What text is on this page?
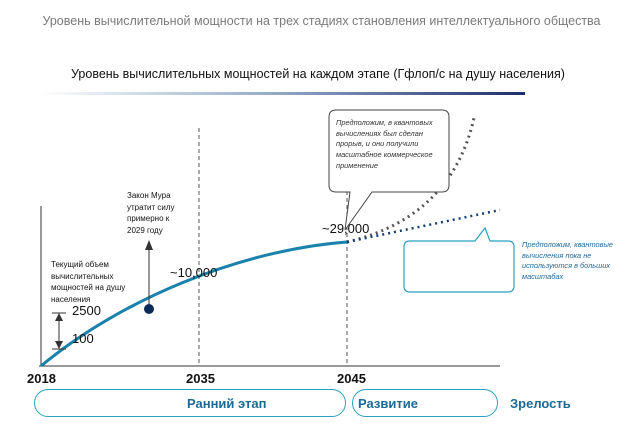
Уровень вычислительной мощности на трех стадиях становления интеллектуального общества
Уровень вычислительных мощностей на каждом этапе (Гфлоп/с на душу населения)
Текущий объем вычислительных мощностей на душу населения
Закон Мура утратит силу примерно к 2029 году
Предположим, в квантовых вычислениях был сделан прорыв, и они получили масштабное коммерческое применение
Предположим, квантовые вычисления пока не используются в больших масштабах
2500
100
~10,000
~29,000
2018	2035	2045
Ранний этап	Развитие	Зрелость
